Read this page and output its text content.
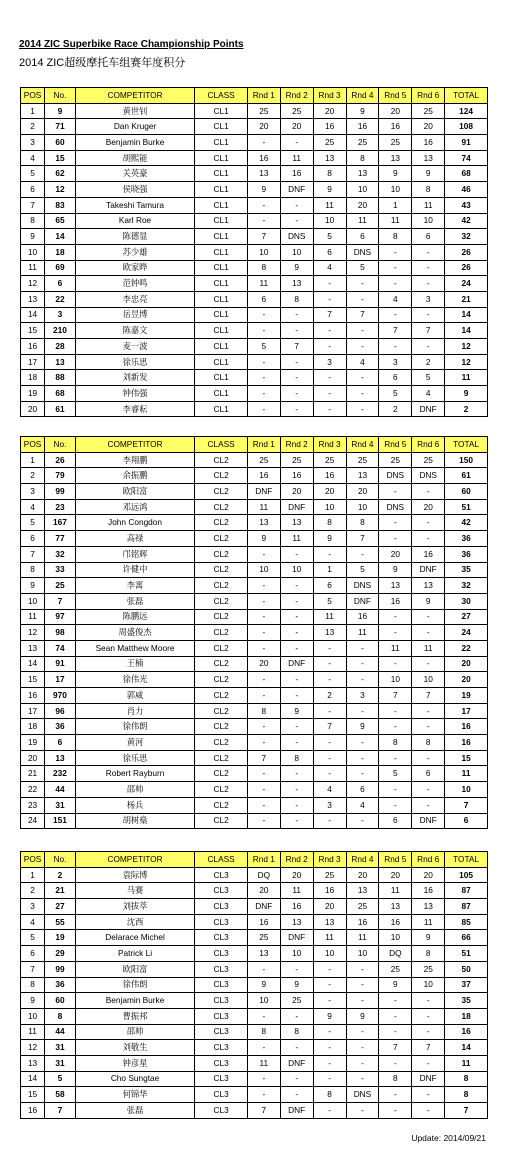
2014 ZIC Superbike Race Championship Points
2014 ZIC超级摩托车组赛年度积分
POS	No.	COMPETITOR	CLASS	Rnd 1	Rnd 2	Rnd 3	Rnd 4	Rnd 5	Rnd 6	TOTAL
1	9	黄世钊	CL1	25	25	20	9	20	25	124
2	71	Dan Kruger	CL1	20	20	16	16	16	20	108
3	60	Benjamin Burke	CL1	-	-	25	25	25	16	91
4	15	胡熙能	CL1	16	11	13	8	13	13	74
5	62	关英豪	CL1	13	16	8	13	9	9	68
6	12	侯晓强	CL1	9	DNF	9	10	10	8	46
7	83	Takeshi Tamura	CL1	-	-	11	20	1	11	43
8	65	Karl Roe	CL1	-	-	10	11	11	10	42
9	14	陈德显	CL1	7	DNS	5	6	8	6	32
10	18	苏少雄	CL1	10	10	6	DNS	-	-	26
11	69	欧家晔	CL1	8	9	4	5	-	-	26
12	6	范钟鸣	CL1	11	13	-	-	-	-	24
13	22	李忠亮	CL1	6	8	-	-	4	3	21
14	3	岳昱博	CL1	-	-	7	7	-	-	14
15	210	陈嘉文	CL1	-	-	-	-	7	7	14
16	28	麦一波	CL1	5	7	-	-	-	-	12
17	13	徐乐思	CL1	-	-	3	4	3	2	12
18	88	刘新发	CL1	-	-	-	-	6	5	11
19	68	钟伟强	CL1	-	-	-	-	5	4	9
20	61	李睿耘	CL1	-	-	-	-	2	DNF	2
POS	No.	COMPETITOR	CLASS	Rnd 1	Rnd 2	Rnd 3	Rnd 4	Rnd 5	Rnd 6	TOTAL
1	26	李翔鹏	CL2	25	25	25	25	25	25	150
2	79	余振鹏	CL2	16	16	16	13	DNS	DNS	61
3	99	欧阳富	CL2	DNF	20	20	20	-	-	60
4	23	邓远鸿	CL2	11	DNF	10	10	DNS	20	51
5	167	John Congdon	CL2	13	13	8	8	-	-	42
6	77	高禄	CL2	9	11	9	7	-	-	36
7	32	邝铭辉	CL2	-	-	-	-	20	16	36
8	33	许健中	CL2	10	10	1	5	9	DNF	35
9	25	李寓	CL2	-	-	6	DNS	13	13	32
10	7	张磊	CL2	-	-	5	DNF	16	9	30
11	97	陈鹏远	CL2	-	-	11	16	-	-	27
12	98	周盛俊杰	CL2	-	-	13	11	-	-	24
13	74	Sean Matthew Moore	CL2	-	-	-	-	11	11	22
14	91	王楠	CL2	20	DNF	-	-	-	-	20
15	17	徐伟光	CL2	-	-	-	-	10	10	20
16	970	郭威	CL2	-	-	2	3	7	7	19
17	96	肖力	CL2	8	9	-	-	-	-	17
18	36	徐伟朗	CL2	-	-	7	9	-	-	16
19	6	黄河	CL2	-	-	-	-	8	8	16
20	13	徐乐思	CL2	7	8	-	-	-	-	15
21	232	Robert Rayburn	CL2	-	-	-	-	5	6	11
22	44	邵帅	CL2	-	-	4	6	-	-	10
23	31	杨兵	CL2	-	-	3	4	-	-	7
24	151	胡树燊	CL2	-	-	-	-	6	DNF	6
POS	No.	COMPETITOR	CLASS	Rnd 1	Rnd 2	Rnd 3	Rnd 4	Rnd 5	Rnd 6	TOTAL
1	2	袁际博	CL3	DQ	20	25	20	20	20	105
2	21	马赛	CL3	20	11	16	13	11	16	87
3	27	刘拔萃	CL3	DNF	16	20	25	13	13	87
4	55	沈西	CL3	16	13	13	16	16	11	85
5	19	Delarace Michel	CL3	25	DNF	11	11	10	9	66
6	29	Patrick Li	CL3	13	10	10	10	DQ	8	51
7	99	欧阳富	CL3	-	-	-	-	25	25	50
8	36	徐伟朗	CL3	9	9	-	-	9	10	37
9	60	Benjamin Burke	CL3	10	25	-	-	-	-	35
10	8	曹振邦	CL3	-	-	9	9	-	-	18
11	44	邵帅	CL3	8	8	-	-	-	-	16
12	31	刘敬生	CL3	-	-	-	-	7	7	14
13	31	钟彦星	CL3	11	DNF	-	-	-	-	11
14	5	Cho Sungtae	CL3	-	-	-	-	8	DNF	8
15	58	何锦华	CL3	-	-	8	DNS	-	-	8
16	7	张磊	CL3	7	DNF	-	-	-	-	7
Update: 2014/09/21
